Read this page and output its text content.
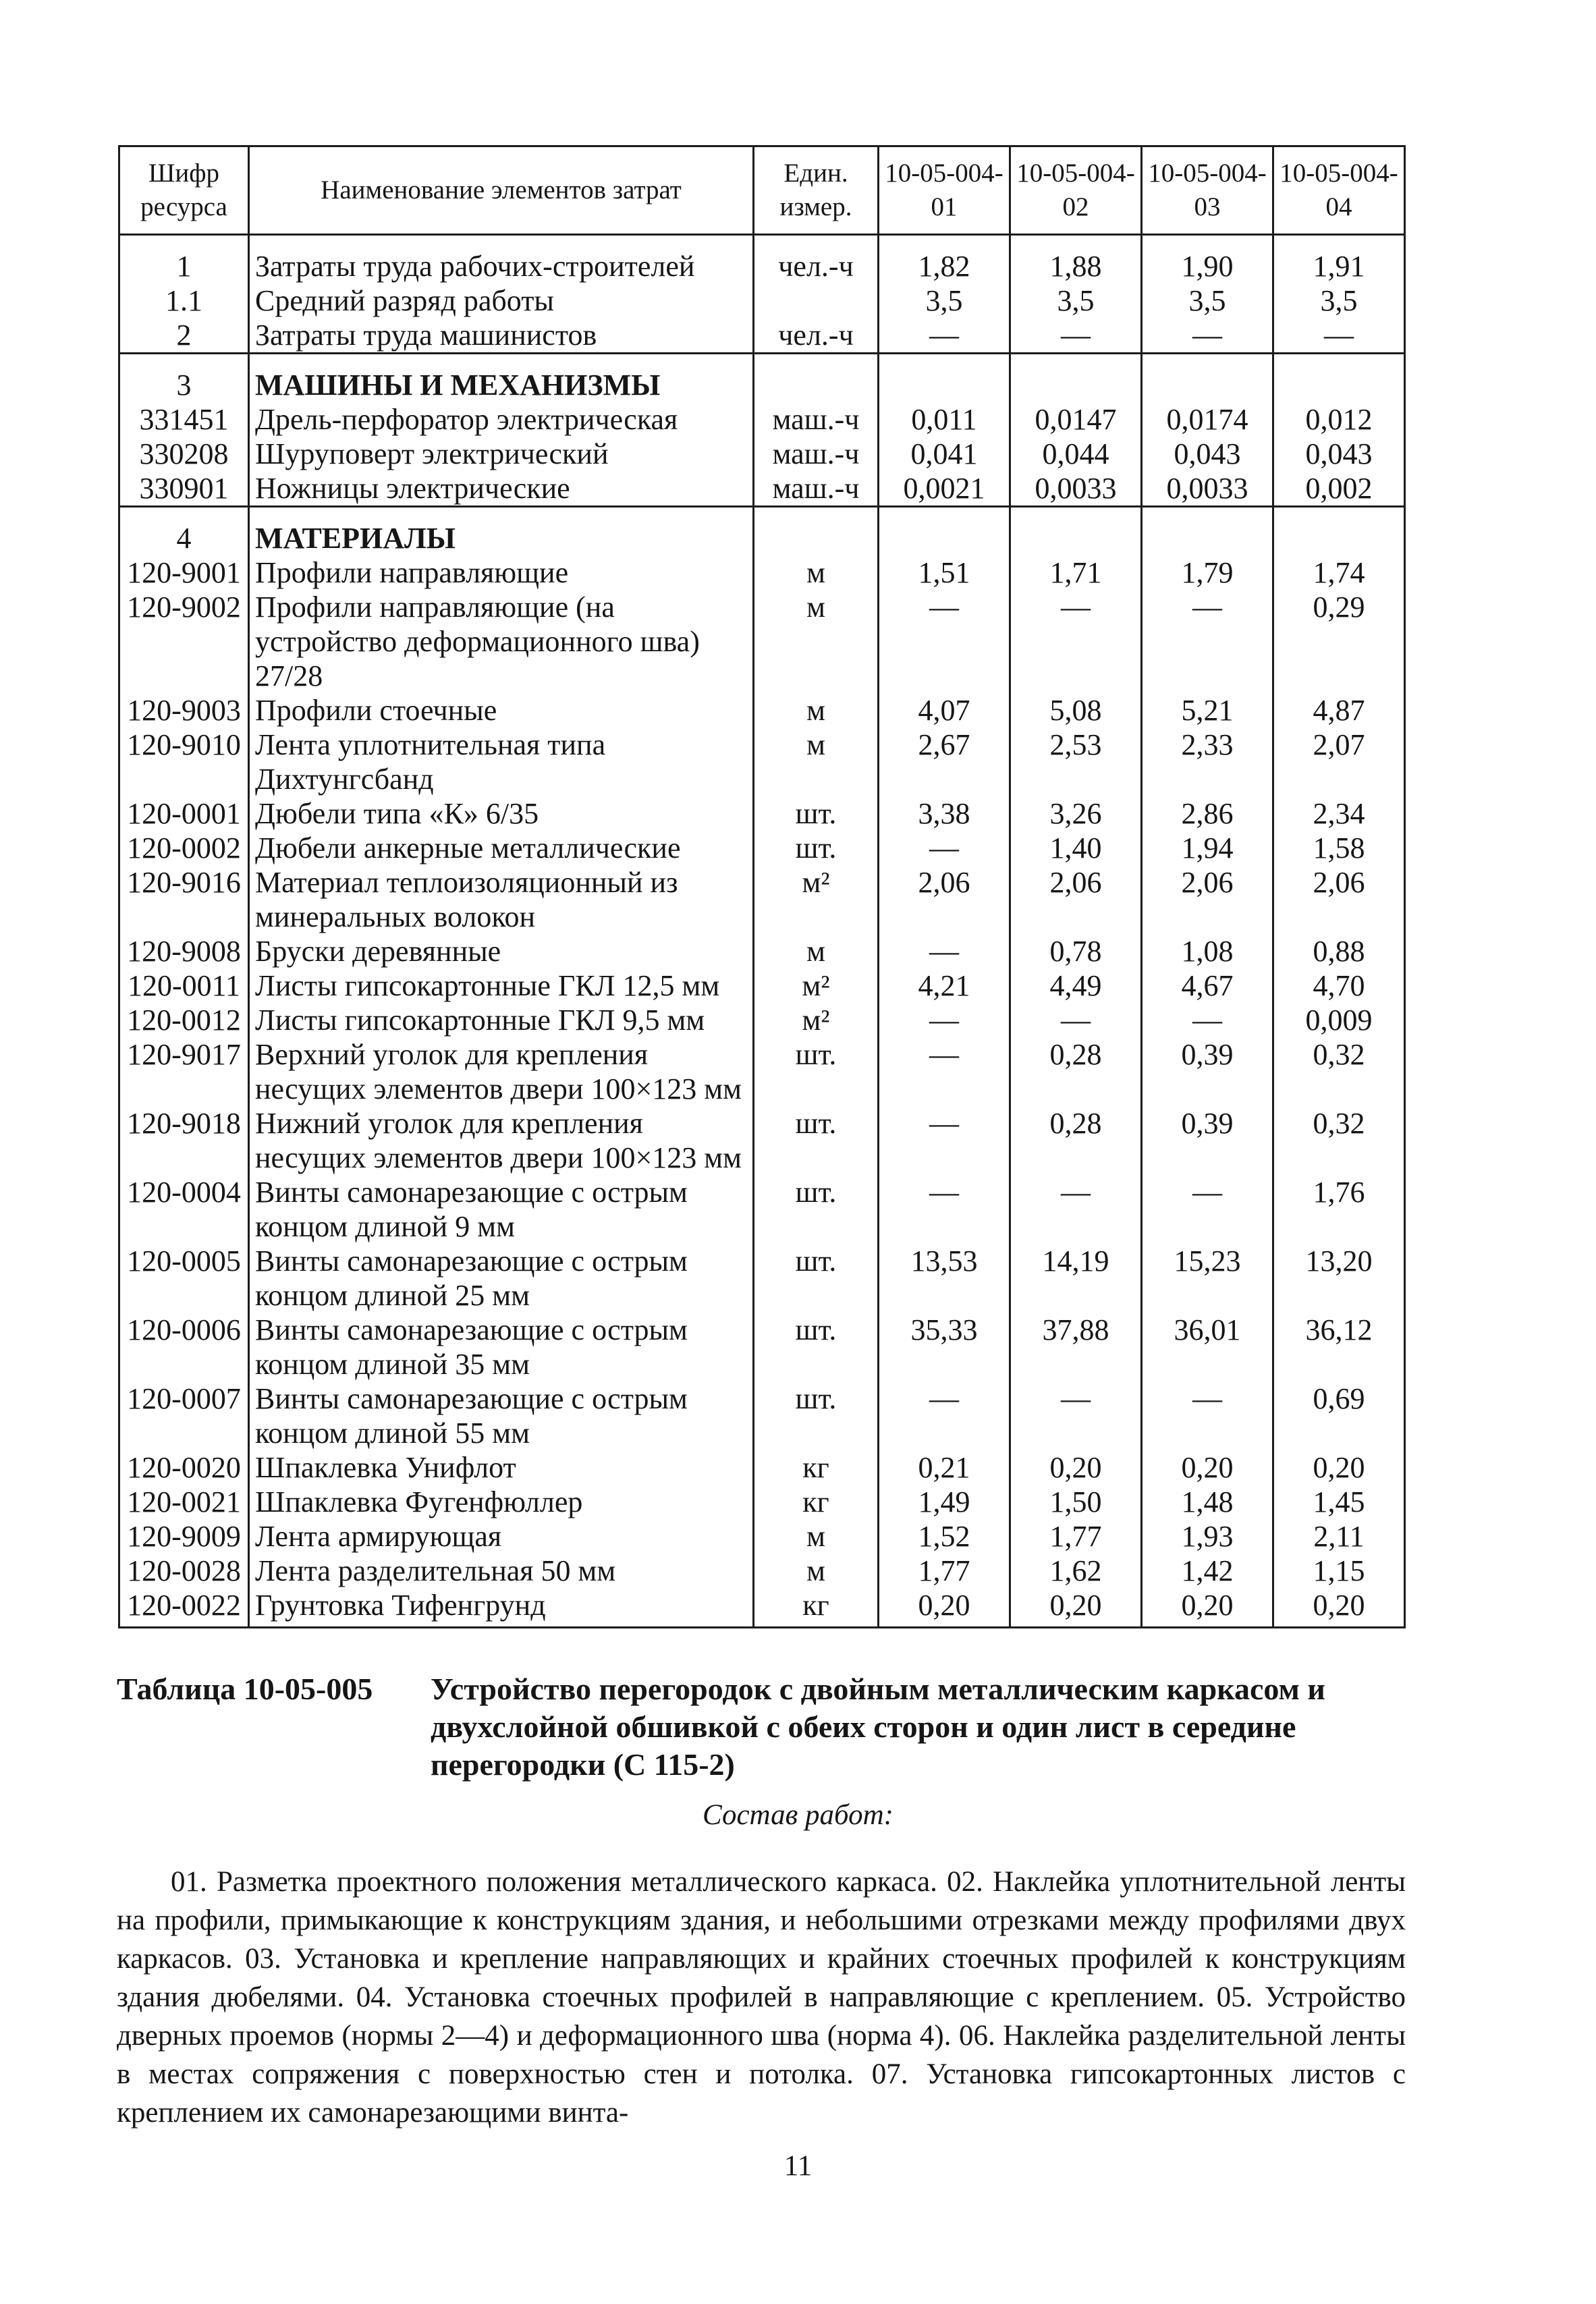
Шифр ресурса	Наименование элементов затрат	Един. измер.	10-05-004-01	10-05-004-02	10-05-004-03	10-05-004-04
1	Затраты труда рабочих-строителей	чел.-ч	1,82	1,88	1,90	1,91
1.1	Средний разряд работы		3,5	3,5	3,5	3,5
2	Затраты труда машинистов	чел.-ч	—	—	—	—
3	МАШИНЫ И МЕХАНИЗМЫ					
331451	Дрель-перфоратор электрическая	маш.-ч	0,011	0,0147	0,0174	0,012
330208	Шуруповерт электрический	маш.-ч	0,041	0,044	0,043	0,043
330901	Ножницы электрические	маш.-ч	0,0021	0,0033	0,0033	0,002
4	МАТЕРИАЛЫ					
120-9001	Профили направляющие	м	1,51	1,71	1,79	1,74
120-9002	Профили направляющие (на устройство деформационного шва) 27/28	м	—	—	—	0,29
120-9003	Профили стоечные	м	4,07	5,08	5,21	4,87
120-9010	Лента уплотнительная типа Дихтунгсбанд	м	2,67	2,53	2,33	2,07
120-0001	Дюбели типа «К» 6/35	шт.	3,38	3,26	2,86	2,34
120-0002	Дюбели анкерные металлические	шт.	—	1,40	1,94	1,58
120-9016	Материал теплоизоляционный из минеральных волокон	м²	2,06	2,06	2,06	2,06
120-9008	Бруски деревянные	м	—	0,78	1,08	0,88
120-0011	Листы гипсокартонные ГКЛ 12,5 мм	м²	4,21	4,49	4,67	4,70
120-0012	Листы гипсокартонные ГКЛ 9,5 мм	м²	—	—	—	0,009
120-9017	Верхний уголок для крепления несущих элементов двери 100×123 мм	шт.	—	0,28	0,39	0,32
120-9018	Нижний уголок для крепления несущих элементов двери 100×123 мм	шт.	—	0,28	0,39	0,32
120-0004	Винты самонарезающие с острым концом длиной 9 мм	шт.	—	—	—	1,76
120-0005	Винты самонарезающие с острым концом длиной 25 мм	шт.	13,53	14,19	15,23	13,20
120-0006	Винты самонарезающие с острым концом длиной 35 мм	шт.	35,33	37,88	36,01	36,12
120-0007	Винты самонарезающие с острым концом длиной 55 мм	шт.	—	—	—	0,69
120-0020	Шпаклевка Унифлот	кг	0,21	0,20	0,20	0,20
120-0021	Шпаклевка Фугенфюллер	кг	1,49	1,50	1,48	1,45
120-9009	Лента армирующая	м	1,52	1,77	1,93	2,11
120-0028	Лента разделительная 50 мм	м	1,77	1,62	1,42	1,15
120-0022	Грунтовка Тифенгрунд	кг	0,20	0,20	0,20	0,20
Таблица 10-05-005	Устройство перегородок с двойным металлическим каркасом и двухслойной обшивкой с обеих сторон и один лист в середине перегородки (С 115-2)
Состав работ:

01. Разметка проектного положения металлического каркаса. 02. Наклейка уплотнительной ленты на профили, примыкающие к конструкциям здания, и небольшими отрезками между профилями двух каркасов. 03. Установка и крепление направляющих и крайних стоечных профилей к конструкциям здания дюбелями. 04. Установка стоечных профилей в направляющие с креплением. 05. Устройство дверных проемов (нормы 2—4) и деформационного шва (норма 4). 06. Наклейка разделительной ленты в местах сопряжения с поверхностью стен и потолка. 07. Установка гипсокартонных листов с креплением их самонарезающими винта-

11
